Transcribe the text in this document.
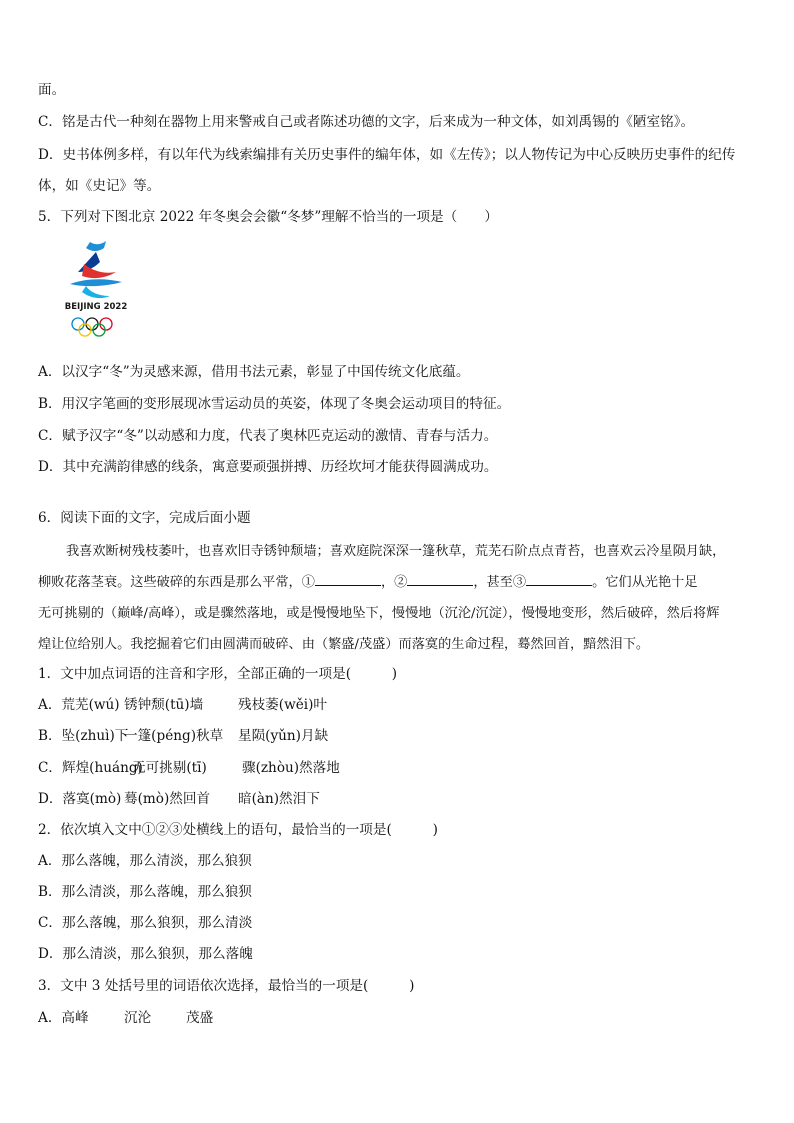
面。
C．铭是古代一种刻在器物上用来警戒自己或者陈述功德的文字，后来成为一种文体，如刘禹锡的《陋室铭》。
D．史书体例多样，有以年代为线索编排有关历史事件的编年体，如《左传》；以人物传记为中心反映历史事件的纪传
体，如《史记》等。
5．下列对下图北京 2022 年冬奥会会徽“冬梦”理解不恰当的一项是（　　）
BEIJING 2022
A．以汉字“冬”为灵感来源，借用书法元素，彰显了中国传统文化底蕴。
B．用汉字笔画的变形展现冰雪运动员的英姿，体现了冬奥会运动项目的特征。
C．赋予汉字“冬”以动感和力度，代表了奥林匹克运动的激情、青春与活力。
D．其中充满韵律感的线条，寓意要顽强拼搏、历经坎坷才能获得圆满成功。
6．阅读下面的文字，完成后面小题

我喜欢断树残枝萎叶，也喜欢旧寺锈钟颓墙；喜欢庭院深深一篷秋草，荒芜石阶点点青苔，也喜欢云冷星陨月缺，

柳败花落茎衰。这些破碎的东西是那么平常，①	，②	，甚至③	。它们从光艳十足

无可挑剔的（巅峰/高峰），或是骤然落地，或是慢慢地坠下，慢慢地（沉沦/沉淀），慢慢地变形，然后破碎，然后将辉

煌让位给别人。我挖掘着它们由圆满而破碎、由（繁盛/茂盛）而落寞的生命过程，蓦然回首，黯然泪下。

1．文中加点词语的注音和字形，全部正确的一项是(　　　)
A．荒芜(wú) 锈钟颓(tū)墙	残枝萎(wěi)叶
B．坠(zhuì)下一篷(péng)秋草 星陨(yǔn)月缺
C．辉煌(huáng)无可挑剔(tī)	骤(zhòu)然落地
D．落寞(mò) 蓦(mò)然回首 暗(àn)然泪下
2．依次填入文中①②③处横线上的语句，最恰当的一项是(　　　)
A．那么落魄，那么清淡，那么狼狈
B．那么清淡，那么落魄，那么狼狈
C．那么落魄，那么狼狈，那么清淡
D．那么清淡，那么狼狈，那么落魄
3．文中 3 处括号里的词语依次选择，最恰当的一项是(　　　)
A．高峰	沉沦	茂盛
